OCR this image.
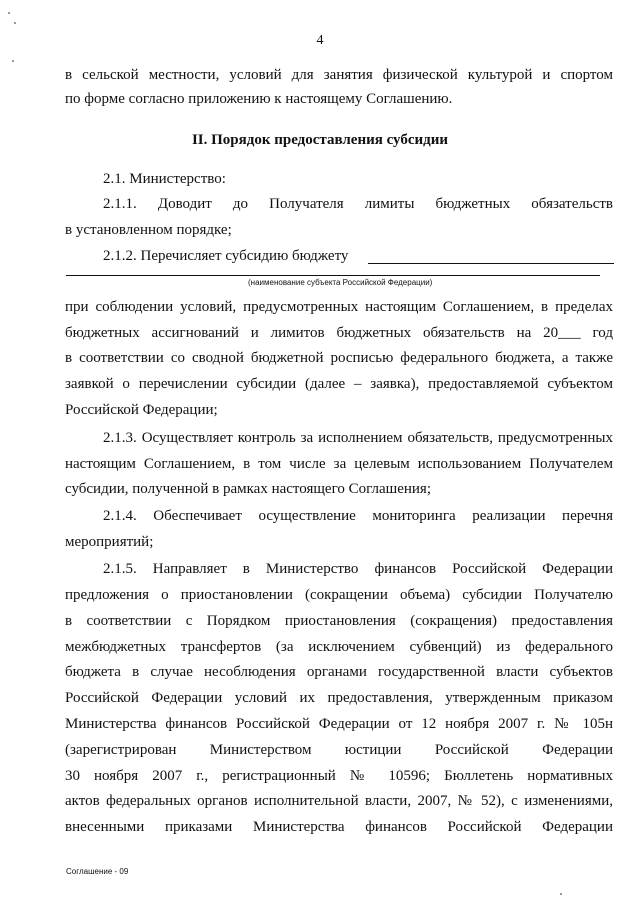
4
в сельской местности, условий для занятия физической культурой и спортом
по форме согласно приложению к настоящему Соглашению.
II. Порядок предоставления субсидии
2.1. Министерство:
2.1.1. Доводит до Получателя лимиты бюджетных обязательств
в установленном порядке;
2.1.2. Перечисляет субсидию бюджету
(наименование субъекта Российской Федерации)
при соблюдении условий, предусмотренных настоящим Соглашением, в пределах
бюджетных ассигнований и лимитов бюджетных обязательств на 20___ год
в соответствии со сводной бюджетной росписью федерального бюджета, а также
заявкой о перечислении субсидии (далее – заявка), предоставляемой субъектом
Российской Федерации;
2.1.3. Осуществляет контроль за исполнением обязательств, предусмотренных
настоящим Соглашением, в том числе за целевым использованием Получателем
субсидии, полученной в рамках настоящего Соглашения;
2.1.4. Обеспечивает осуществление мониторинга реализации перечня
мероприятий;
2.1.5. Направляет в Министерство финансов Российской Федерации
предложения о приостановлении (сокращении объема) субсидии Получателю
в соответствии с Порядком приостановления (сокращения) предоставления
межбюджетных трансфертов (за исключением субвенций) из федерального
бюджета в случае несоблюдения органами государственной власти субъектов
Российской Федерации условий их предоставления, утвержденным приказом
Министерства финансов Российской Федерации от 12 ноября 2007 г. № 105н
(зарегистрирован Министерством юстиции Российской Федерации
30 ноября 2007 г., регистрационный № 10596; Бюллетень нормативных
актов федеральных органов исполнительной власти, 2007, № 52), с изменениями,
внесенными приказами Министерства финансов Российской Федерации
Соглашение - 09
